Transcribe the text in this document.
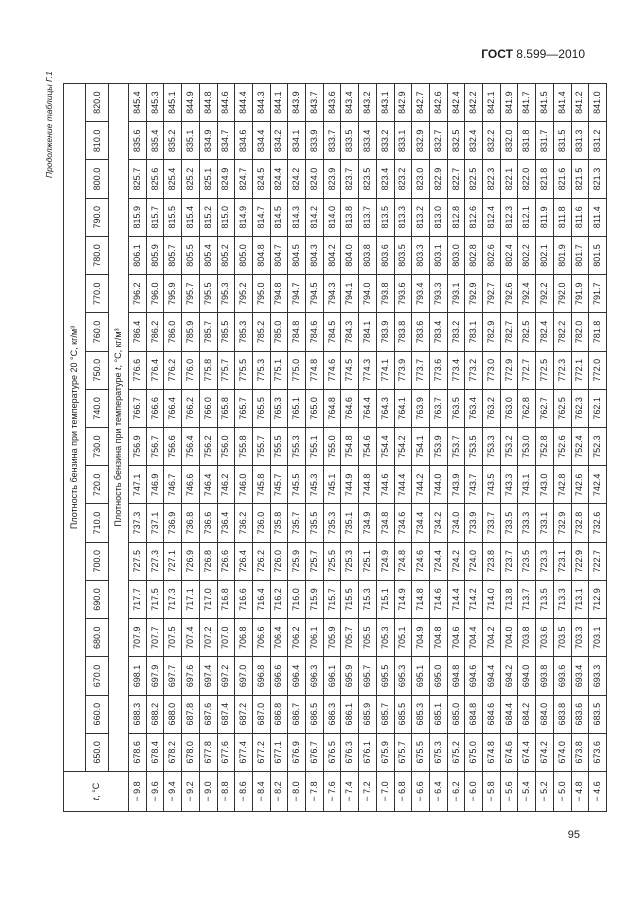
ГОСТ 8.599—2010
Продолжение таблицы Г.1
t
, °C
Плотность бензина при температуре 20 °С, кг/м³
650.0
660.0
670.0
680.0
690.0
700.0
710.0
720.0
730.0
740.0
750.0
760.0
770.0
780.0
790.0
800.0
810.0
820.0
Плотность бензина при температуре
t
, °С, кг/м³
− 9.8
678.6
688.3
698.1
707.9
717.7
727.5
737.3
747.1
756.9
766.7
776.6
786.4
796.2
806.1
815.9
825.7
835.6
845.4
− 9.6
678.4
688.2
697.9
707.7
717.5
727.3
737.1
746.9
756.7
766.6
776.4
786.2
796.0
805.9
815.7
825.6
835.4
845.3
− 9.4
678.2
688.0
697.7
707.5
717.3
727.1
736.9
746.7
756.6
766.4
776.2
786.0
795.9
805.7
815.5
825.4
835.2
845.1
− 9.2
678.0
687.8
697.6
707.4
717.1
726.9
736.8
746.6
756.4
766.2
776.0
785.9
795.7
805.5
815.4
825.2
835.1
844.9
− 9.0
677.8
687.6
697.4
707.2
717.0
726.8
736.6
746.4
756.2
766.0
775.8
785.7
795.5
805.4
815.2
825.1
834.9
844.8
− 8.8
677.6
687.4
697.2
707.0
716.8
726.6
736.4
746.2
756.0
765.8
775.7
785.5
795.3
805.2
815.0
824.9
834.7
844.6
− 8.6
677.4
687.2
697.0
706.8
716.6
726.4
736.2
746.0
755.8
765.7
775.5
785.3
795.2
805.0
814.9
824.7
834.6
844.4
− 8.4
677.2
687.0
696.8
706.6
716.4
726.2
736.0
745.8
755.7
765.5
775.3
785.2
795.0
804.8
814.7
824.5
834.4
844.3
− 8.2
677.1
686.8
696.6
706.4
716.2
726.0
735.8
745.7
755.5
765.3
775.1
785.0
794.8
804.7
814.5
824.4
834.2
844.1
− 8.0
676.9
686.7
696.4
706.2
716.0
725.9
735.7
745.5
755.3
765.1
775.0
784.8
794.7
804.5
814.3
824.2
834.1
843.9
− 7.8
676.7
686.5
696.3
706.1
715.9
725.7
735.5
745.3
755.1
765.0
774.8
784.6
794.5
804.3
814.2
824.0
833.9
843.7
− 7.6
676.5
686.3
696.1
705.9
715.7
725.5
735.3
745.1
755.0
764.8
774.6
784.5
794.3
804.2
814.0
823.9
833.7
843.6
− 7.4
676.3
686.1
695.9
705.7
715.5
725.3
735.1
744.9
754.8
764.6
774.5
784.3
794.1
804.0
813.8
823.7
833.5
843.4
− 7.2
676.1
685.9
695.7
705.5
715.3
725.1
734.9
744.8
754.6
764.4
774.3
784.1
794.0
803.8
813.7
823.5
833.4
843.2
− 7.0
675.9
685.7
695.5
705.3
715.1
724.9
734.8
744.6
754.4
764.3
774.1
783.9
793.8
803.6
813.5
823.4
833.2
843.1
− 6.8
675.7
685.5
695.3
705.1
714.9
724.8
734.6
744.4
754.2
764.1
773.9
783.8
793.6
803.5
813.3
823.2
833.1
842.9
− 6.6
675.5
685.3
695.1
704.9
714.8
724.6
734.4
744.2
754.1
763.9
773.7
783.6
793.4
803.3
813.2
823.0
832.9
842.7
− 6.4
675.3
685.1
695.0
704.8
714.6
724.4
734.2
744.0
753.9
763.7
773.6
783.4
793.3
803.1
813.0
822.9
832.7
842.6
− 6.2
675.2
685.0
694.8
704.6
714.4
724.2
734.0
743.9
753.7
763.5
773.4
783.2
793.1
803.0
812.8
822.7
832.5
842.4
− 6.0
675.0
684.8
694.6
704.4
714.2
724.0
733.9
743.7
753.5
763.4
773.2
783.1
792.9
802.8
812.6
822.5
832.4
842.2
− 5.8
674.8
684.6
694.4
704.2
714.0
723.8
733.7
743.5
753.3
763.2
773.0
782.9
792.7
802.6
812.4
822.3
832.2
842.1
− 5.6
674.6
684.4
694.2
704.0
713.8
723.7
733.5
743.3
753.2
763.0
772.9
782.7
792.6
802.4
812.3
822.1
832.0
841.9
− 5.4
674.4
684.2
694.0
703.8
713.7
723.5
733.3
743.1
753.0
762.8
772.7
782.5
792.4
802.2
812.1
822.0
831.8
841.7
− 5.2
674.2
684.0
693.8
703.6
713.5
723.3
733.1
743.0
752.8
762.7
772.5
782.4
792.2
802.1
811.9
821.8
831.7
841.5
− 5.0
674.0
683.8
693.6
703.5
713.3
723.1
732.9
742.8
752.6
762.5
772.3
782.2
792.0
801.9
811.8
821.6
831.5
841.4
− 4.8
673.8
683.6
693.4
703.3
713.1
722.9
732.8
742.6
752.4
762.3
772.1
782.0
791.9
801.7
811.6
821.5
831.3
841.2
− 4.6
673.6
683.5
693.3
703.1
712.9
722.7
732.6
742.4
752.3
762.1
772.0
781.8
791.7
801.5
811.4
821.3
831.2
841.0
95
